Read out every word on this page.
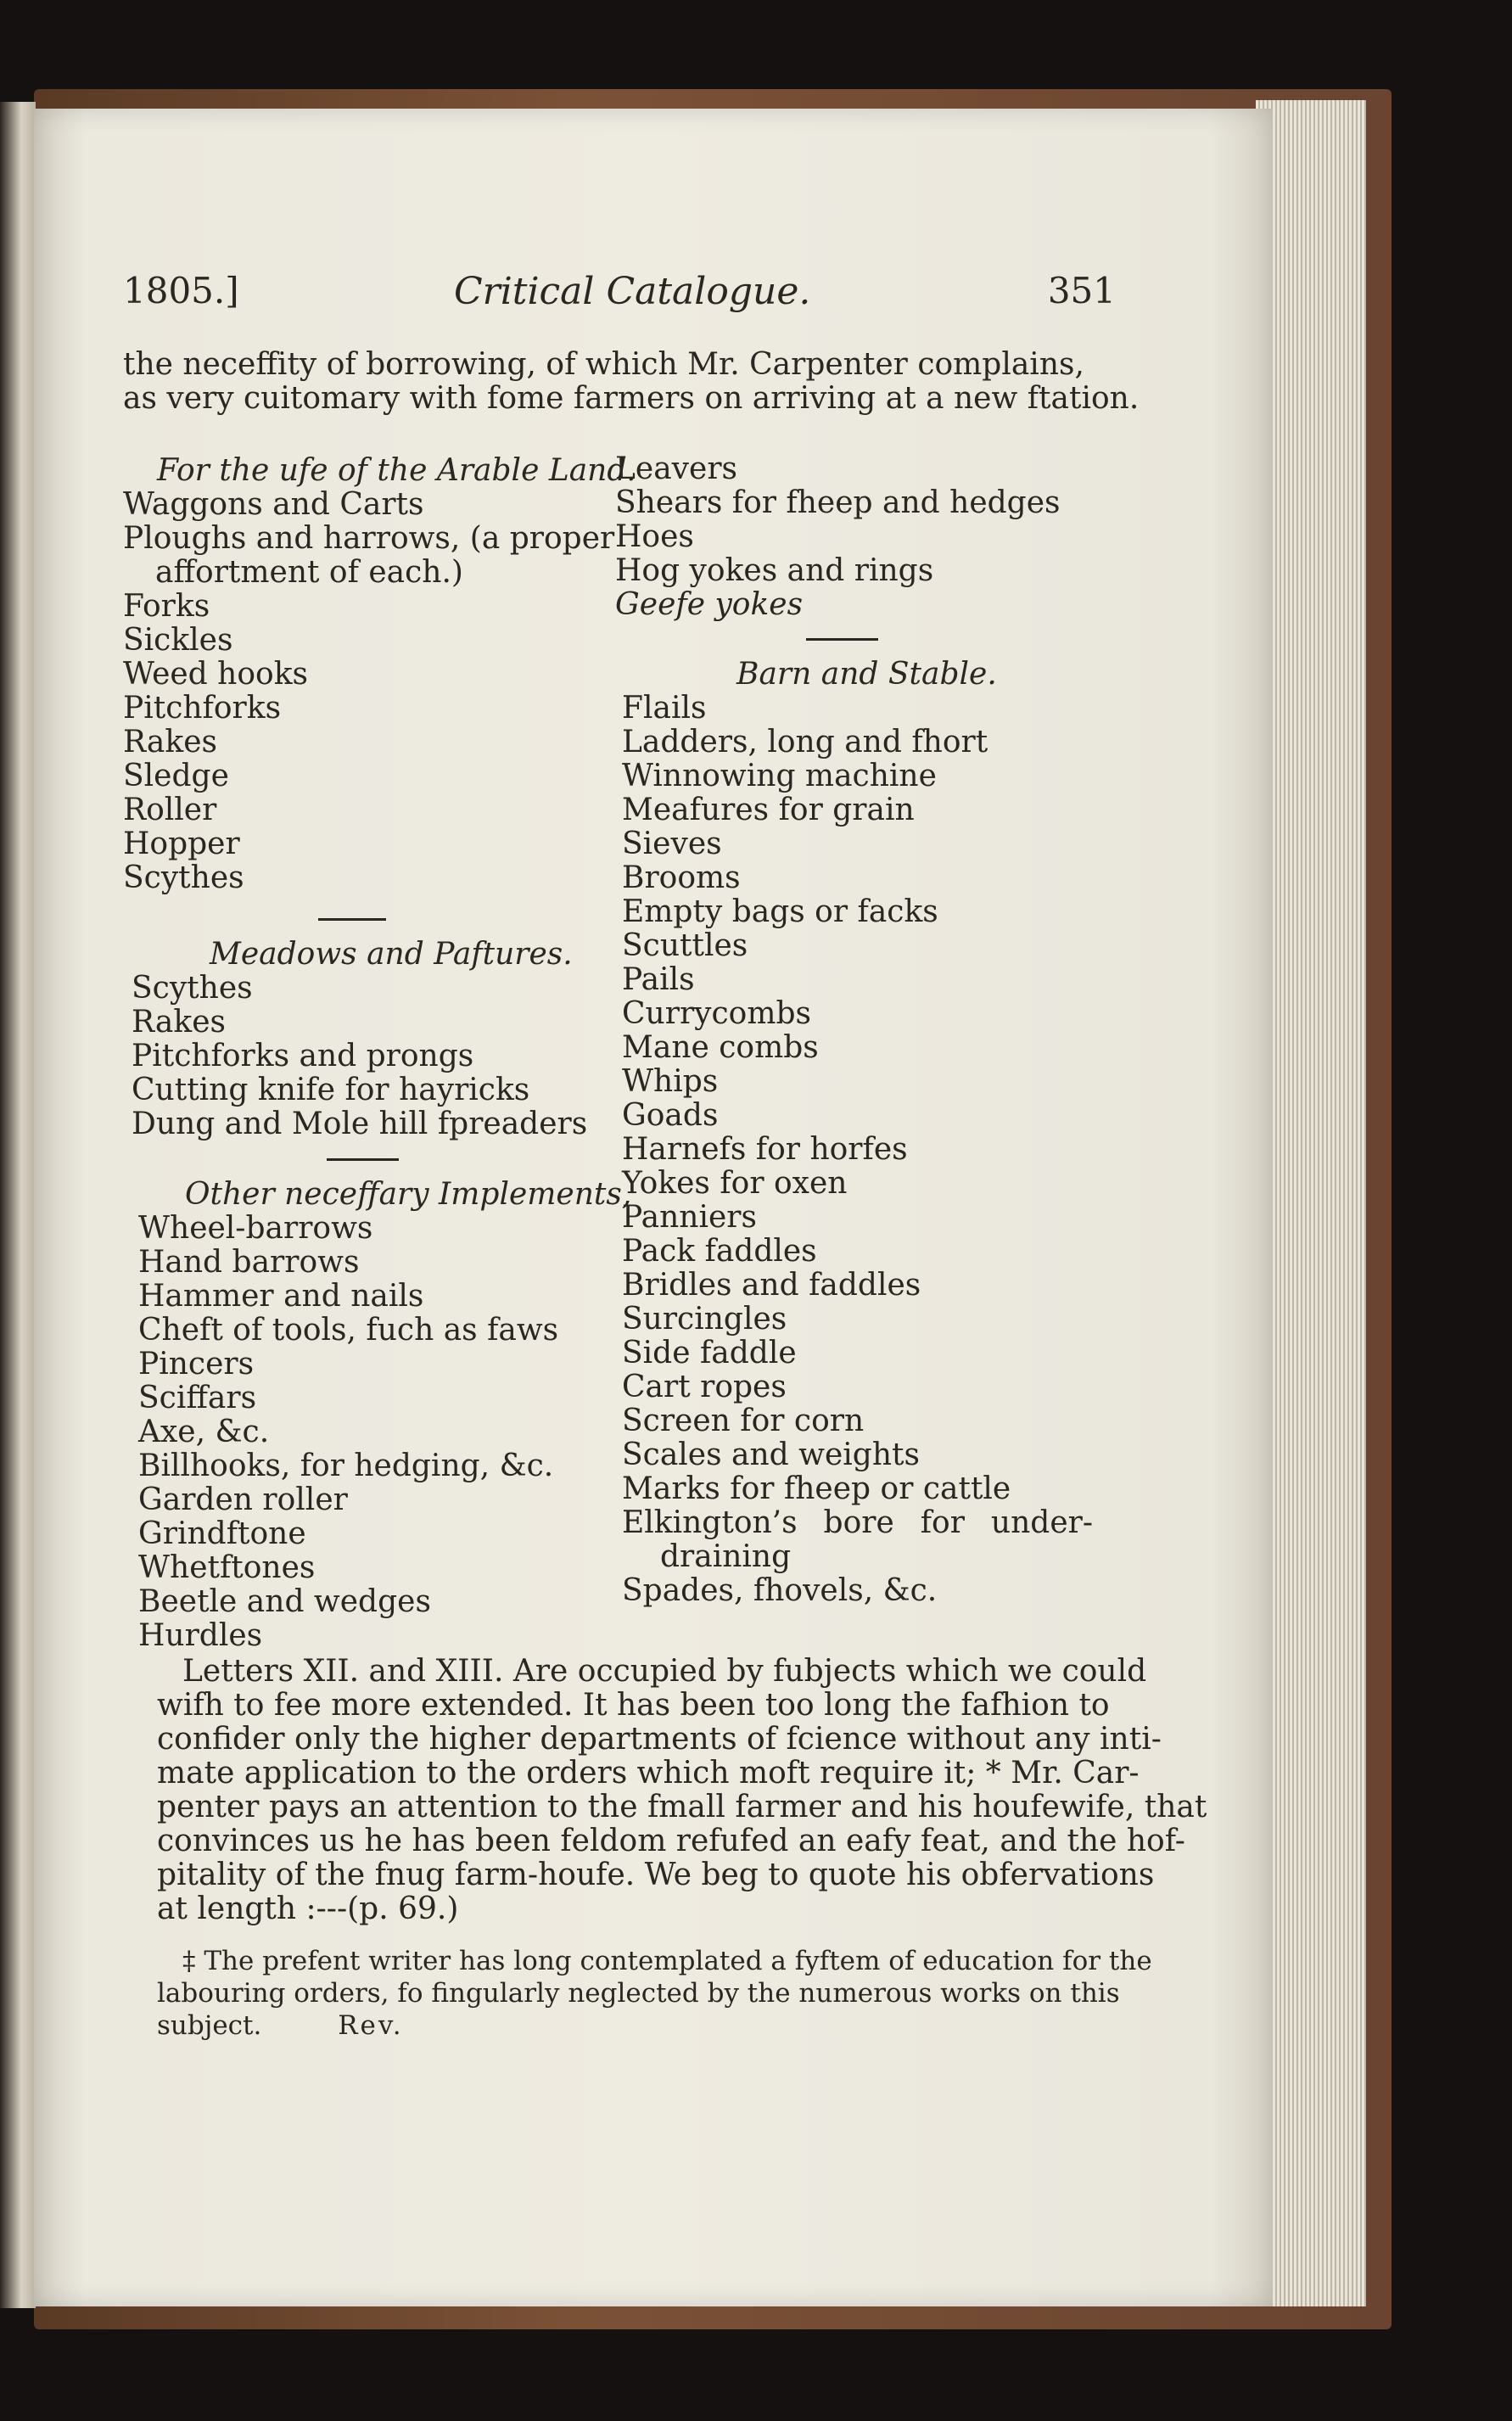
1805.]	Critical Catalogue.	351
the neceffity of borrowing, of which Mr. Carpenter complains,
as very cuitomary with fome farmers on arriving at a new ftation.
For the ufe of the Arable Land.
Waggons and Carts
Ploughs and harrows, (a proper
affortment of each.)
Forks
Sickles
Weed hooks
Pitchforks
Rakes
Sledge
Roller
Hopper
Scythes
Meadows and Paftures.
Scythes
Rakes
Pitchforks and prongs
Cutting knife for hayricks
Dung and Mole hill fpreaders
Other neceffary Implements,
Wheel-barrows
Hand barrows
Hammer and nails
Cheft of tools, fuch as faws
Pincers
Sciffars
Axe, &c.
Billhooks, for hedging, &c.
Garden roller
Grindftone
Whetftones
Beetle and wedges
Hurdles
Leavers
Shears for fheep and hedges
Hoes
Hog yokes and rings
Geefe yokes
Barn and Stable.
Flails
Ladders, long and fhort
Winnowing machine
Meafures for grain
Sieves
Brooms
Empty bags or facks
Scuttles
Pails
Currycombs
Mane combs
Whips
Goads
Harnefs for horfes
Yokes for oxen
Panniers
Pack faddles
Bridles and faddles
Surcingles
Side faddle
Cart ropes
Screen for corn
Scales and weights
Marks for fheep or cattle
Elkington’s bore for under-
draining
Spades, fhovels, &c.
Letters XII. and XIII. Are occupied by fubjects which we could
wifh to fee more extended. It has been too long the fafhion to
confider only the higher departments of fcience without any inti-
mate application to the orders which moft require it; * Mr. Car-
penter pays an attention to the fmall farmer and his houfewife, that
convinces us he has been feldom refufed an eafy feat, and the hof-
pitality of the fnug farm-houfe. We beg to quote his obfervations
at length :---(p. 69.)
‡ The prefent writer has long contemplated a fyftem of education for the
labouring orders, fo fingularly neglected by the numerous works on this
subject.	Rev.
